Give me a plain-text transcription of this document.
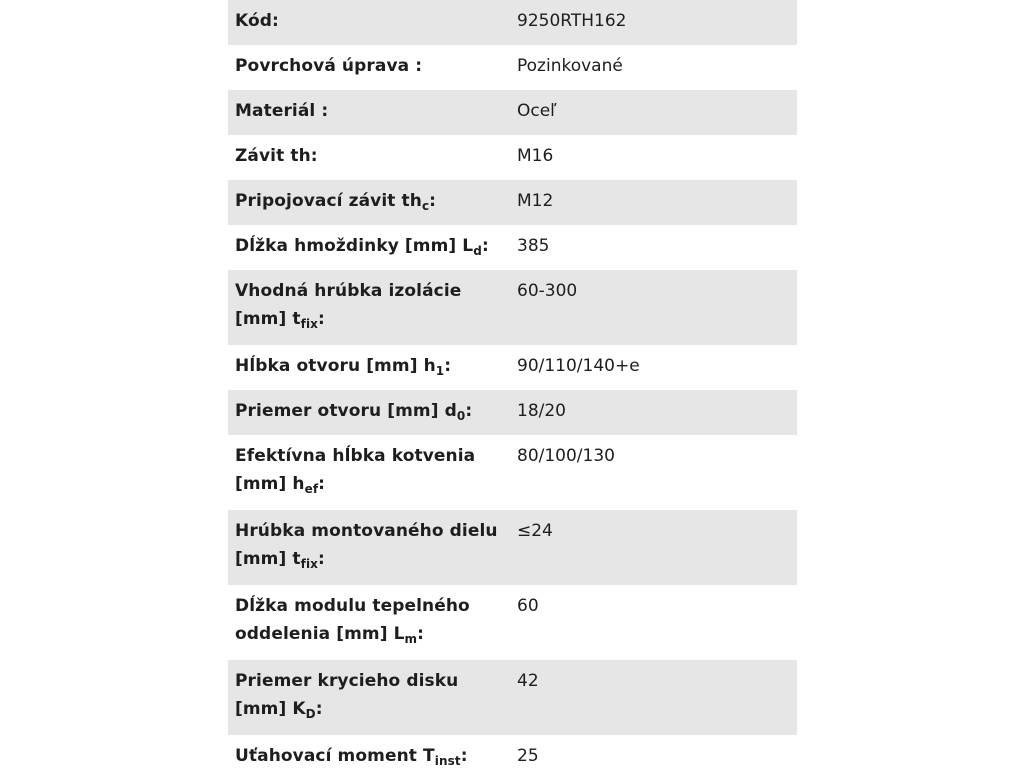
Kód:	9250RTH162
Povrchová úprava :	Pozinkované
Materiál :	Oceľ
Závit th:	M16
Pripojovací závit $th_c$:	M12
Dĺžka hmoždinky [mm] $L_d$:	385
Vhodná hrúbka izolácie [mm] $t_{fix}$:	60-300
Hĺbka otvoru [mm] $h_1$:	90/110/140+e
Priemer otvoru [mm] $d_0$:	18/20
Efektívna hĺbka kotvenia [mm] $h_{ef}$:	80/100/130
Hrúbka montovaného dielu [mm] $t_{fix}$:	≤24
Dĺžka modulu tepelného oddelenia [mm] $L_m$:	60
Priemer krycieho disku [mm] $K_D$:	42
Uťahovací moment $T_{inst}$:	25
